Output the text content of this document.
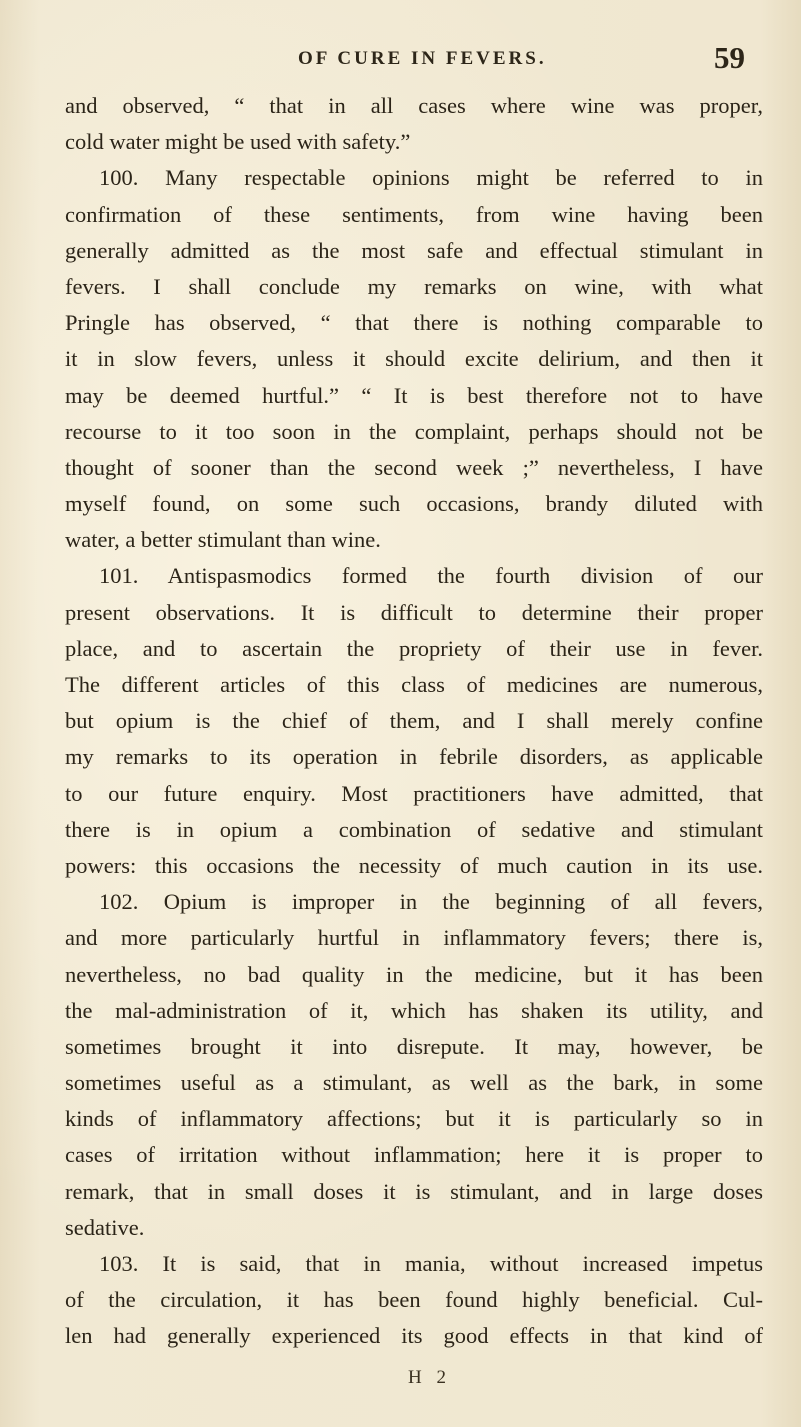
OF CURE IN FEVERS.	59
and observed, “ that in all cases where wine was proper,
cold water might be used with safety.”
100. Many respectable opinions might be referred to in
confirmation of these sentiments, from wine having been
generally admitted as the most safe and effectual stimulant in
fevers. I shall conclude my remarks on wine, with what
Pringle has observed, “ that there is nothing comparable to
it in slow fevers, unless it should excite delirium, and then it
may be deemed hurtful.” “ It is best therefore not to have
recourse to it too soon in the complaint, perhaps should not be
thought of sooner than the second week ;” nevertheless, I have
myself found, on some such occasions, brandy diluted with
water, a better stimulant than wine.
101. Antispasmodics formed the fourth division of our
present observations. It is difficult to determine their proper
place, and to ascertain the propriety of their use in fever.
The different articles of this class of medicines are numerous,
but opium is the chief of them, and I shall merely confine
my remarks to its operation in febrile disorders, as applicable
to our future enquiry. Most practitioners have admitted, that
there is in opium a combination of sedative and stimulant
powers: this occasions the necessity of much caution in its use.
102. Opium is improper in the beginning of all fevers,
and more particularly hurtful in inflammatory fevers; there is,
nevertheless, no bad quality in the medicine, but it has been
the mal-administration of it, which has shaken its utility, and
sometimes brought it into disrepute. It may, however, be
sometimes useful as a stimulant, as well as the bark, in some
kinds of inflammatory affections; but it is particularly so in
cases of irritation without inflammation; here it is proper to
remark, that in small doses it is stimulant, and in large doses
sedative.
103. It is said, that in mania, without increased impetus
of the circulation, it has been found highly beneficial. Cul-
len had generally experienced its good effects in that kind of
H 2
